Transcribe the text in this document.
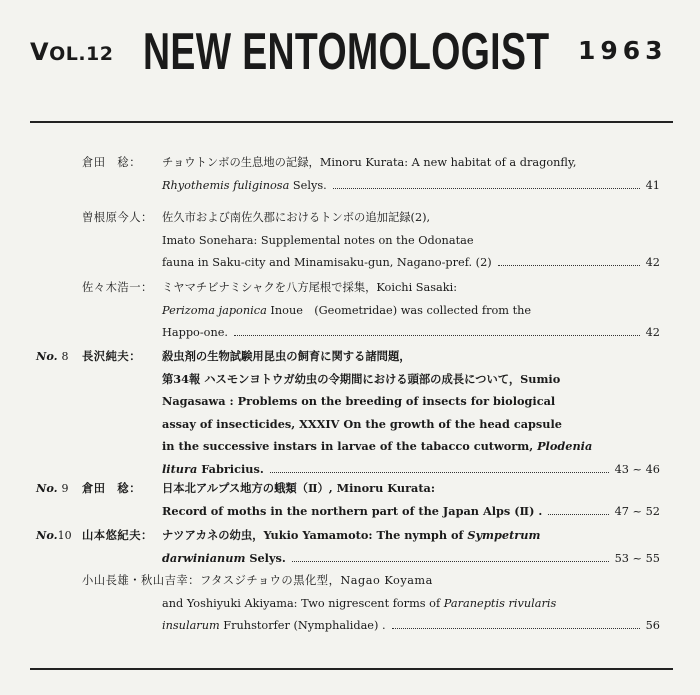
VOL.12 NEW ENTOMOLOGIST 1963
倉田　稔：	チョウトンボの生息地の記録，Minoru Kurata: A new habitat of a dragonfly,
Rhyothemis fuliginosa Selys.	41
曽根原今人： 佐久市および南佐久郡におけるトンボの追加記録(2),
Imato Sonehara: Supplemental notes on the Odonatae
fauna in Saku-city and Minamisaku-gun, Nagano-pref. (2)	42
佐々木浩一： ミヤマチビナミシャクを八方尾根で採集，Koichi Sasaki:
Perizoma japonica Inoue　(Geometridae) was collected from the
Happo-one.	42
No. 8 長沢純夫：	殺虫剤の生物試験用昆虫の飼育に関する諸問題，
第34報 ハスモンヨトウガ幼虫の令期間における頭部の成長について，Sumio
Nagasawa : Problems on the breeding of insects for biological
assay of insecticides, XXXIV On the growth of the head capsule
in the successive instars in larvae of the tabacco cutworm, Plodenia
litura Fabricius.	43 ~ 46
No. 9 倉田　稔：	日本北アルプス地方の蛾類（Ⅱ）, Minoru Kurata:
Record of moths in the northern part of the Japan Alps (Ⅱ) .	47 ~ 52
No.10 山本悠紀夫： ナツアカネの幼虫，Yukio Yamamoto: The nymph of Sympetrum
darwinianum Selys.	53 ~ 55
小山長雄・秋山吉幸：フタスジチョウの黒化型，Nagao Koyama
and Yoshiyuki Akiyama: Two nigrescent forms of Paraneptis rivularis
insularum Fruhstorfer (Nymphalidae) .	56
